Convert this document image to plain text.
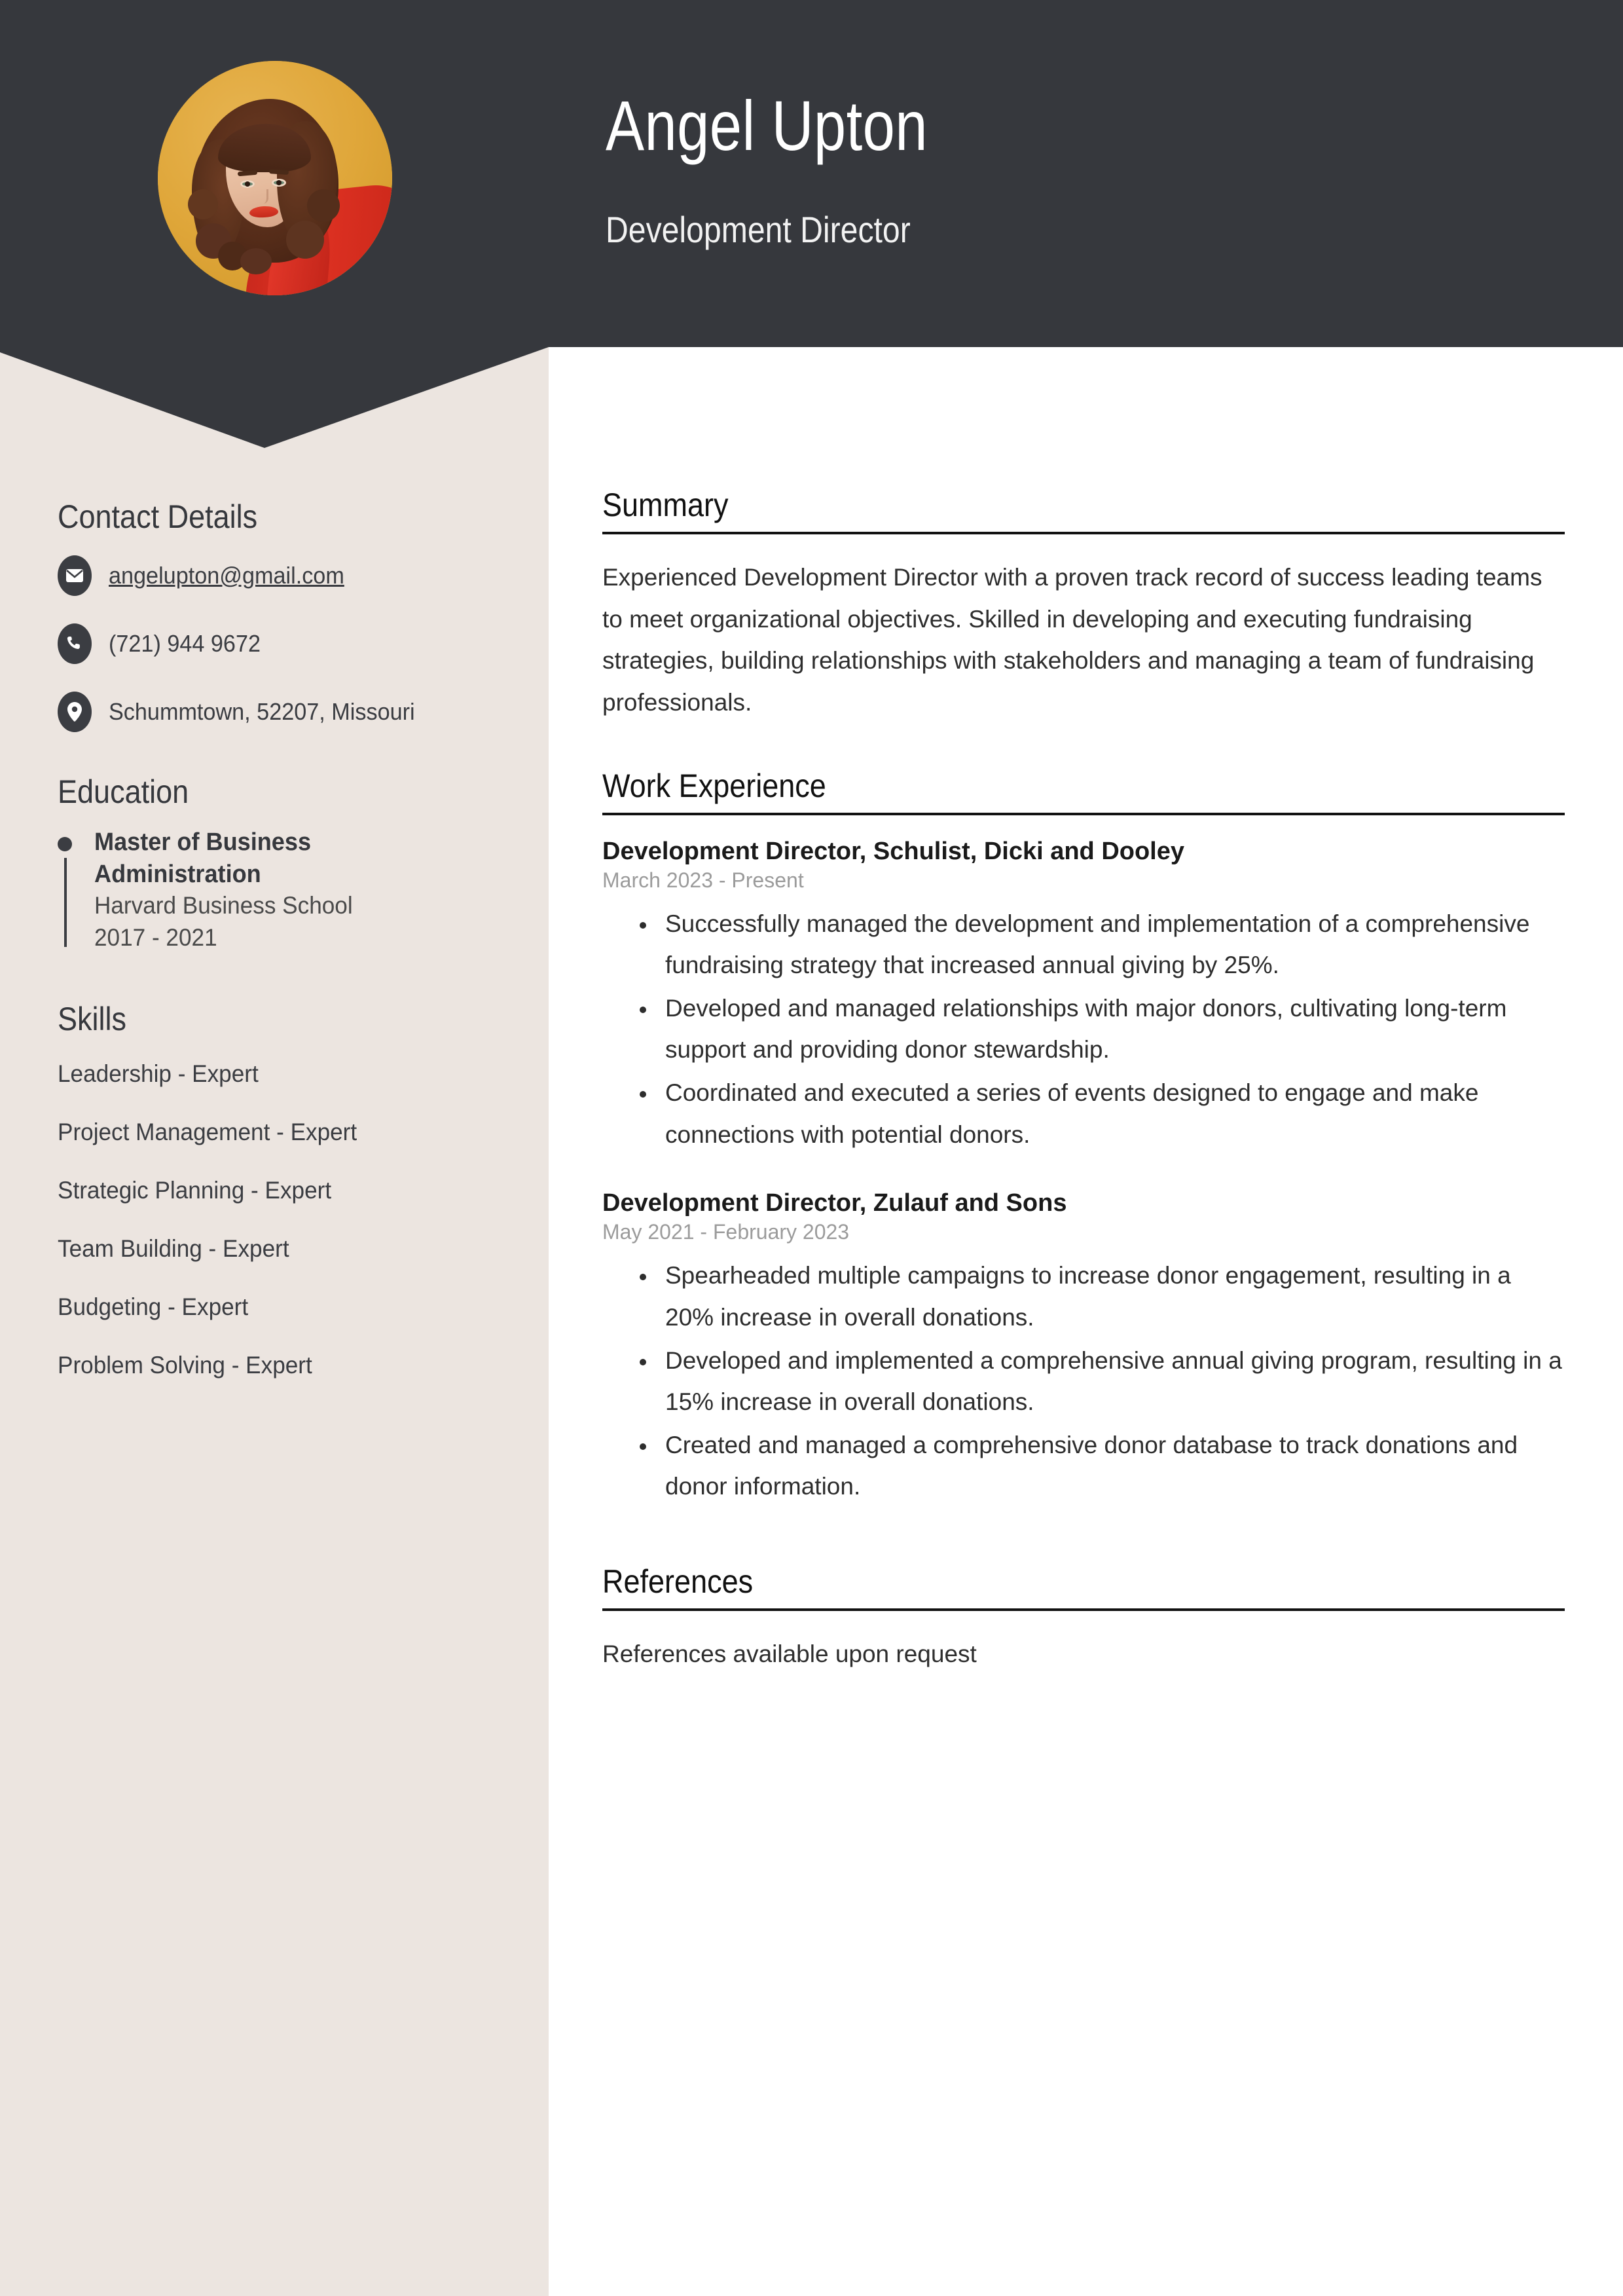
Angel Upton
Development Director
Contact Details
angelupton@gmail.com
(721) 944 9672
Schummtown, 52207, Missouri
Education
Master of Business Administration
Harvard Business School
2017 - 2021
Skills
Leadership - Expert
Project Management - Expert
Strategic Planning - Expert
Team Building - Expert
Budgeting - Expert
Problem Solving - Expert
Summary

Experienced Development Director with a proven track record of success leading teams to meet organizational objectives. Skilled in developing and executing fundraising strategies, building relationships with stakeholders and managing a team of fundraising professionals.

Work Experience
Development Director, Schulist, Dicki and Dooley
March 2023 - Present
• Successfully managed the development and implementation of a comprehensive fundraising strategy that increased annual giving by 25%.
• Developed and managed relationships with major donors, cultivating long-term support and providing donor stewardship.
• Coordinated and executed a series of events designed to engage and make connections with potential donors.
Development Director, Zulauf and Sons
May 2021 - February 2023
• Spearheaded multiple campaigns to increase donor engagement, resulting in a 20% increase in overall donations.
• Developed and implemented a comprehensive annual giving program, resulting in a 15% increase in overall donations.
• Created and managed a comprehensive donor database to track donations and donor information.
References

References available upon request
